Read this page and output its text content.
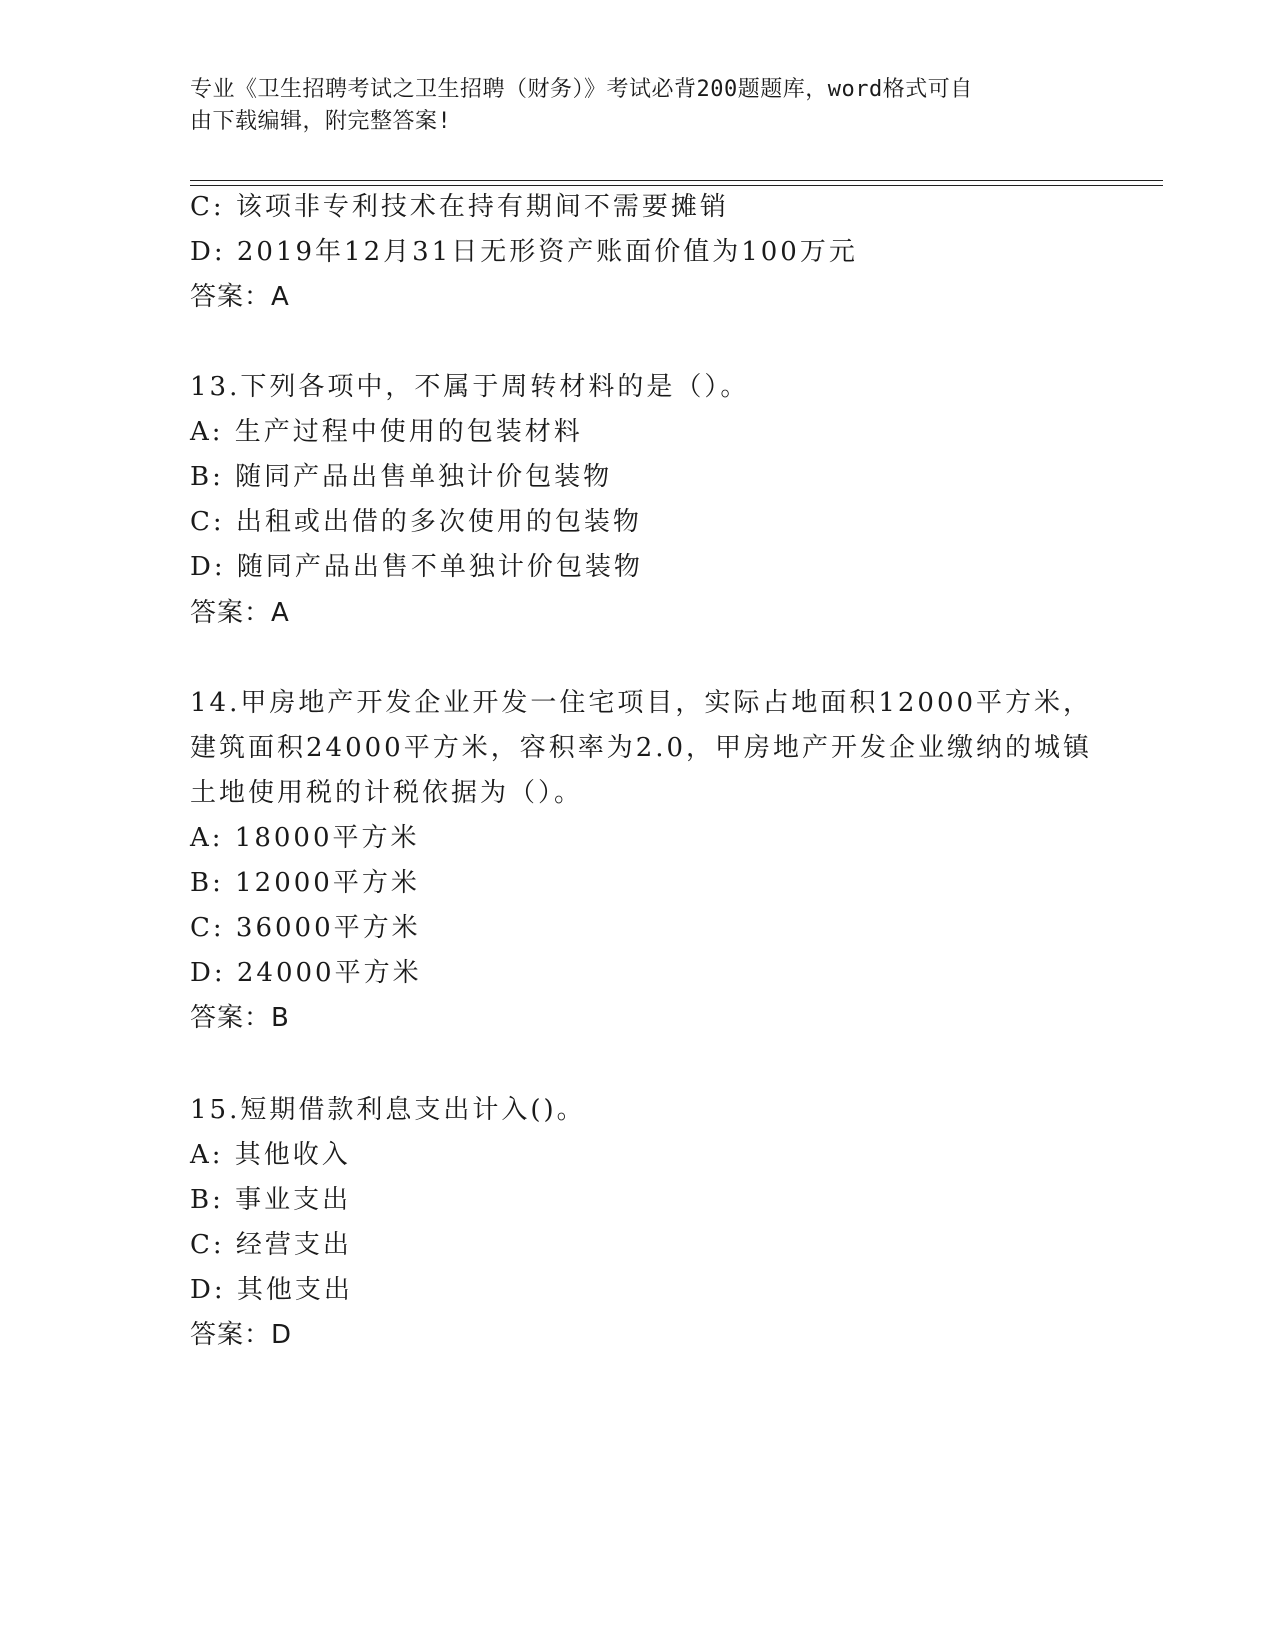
专业《卫生招聘考试之卫生招聘（财务）》考试必背200题题库，word格式可自
由下载编辑，附完整答案!
C: 该项非专利技术在持有期间不需要摊销
D: 2019年12月31日无形资产账面价值为100万元
答案：A
13.下列各项中，不属于周转材料的是（）。
A: 生产过程中使用的包装材料
B: 随同产品出售单独计价包装物
C: 出租或出借的多次使用的包装物
D: 随同产品出售不单独计价包装物
答案：A
14.甲房地产开发企业开发一住宅项目，实际占地面积12000平方米，
建筑面积24000平方米，容积率为2.0，甲房地产开发企业缴纳的城镇
土地使用税的计税依据为（）。
A: 18000平方米
B: 12000平方米
C: 36000平方米
D: 24000平方米
答案：B
15.短期借款利息支出计入()。
A: 其他收入
B: 事业支出
C: 经营支出
D: 其他支出
答案：D
